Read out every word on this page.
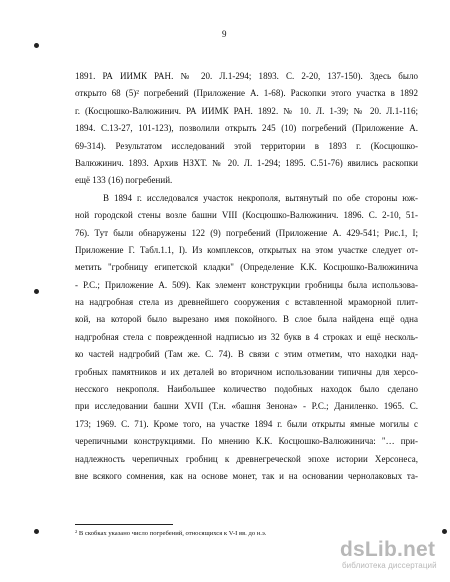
9
1891. РА ИИМК РАН. № 20. Л.1-294; 1893. С. 2-20, 137-150). Здесь было
открыто 68 (5)² погребений (Приложение А. 1-68). Раскопки этого участка в 1892
г. (Косцюшко-Валюжинич. РА ИИМК РАН. 1892. № 10. Л. 1-39; № 20. Л.1-116;
1894. С.13-27, 101-123), позволили открыть 245 (10) погребений (Приложение А.
69-314). Результатом исследований этой территории в 1893 г. (Косцюшко-
Валюжинич. 1893. Архив НЗХТ. № 20. Л. 1-294; 1895. С.51-76) явились раскопки
ещё 133 (16) погребений.
В 1894 г. исследовался участок некрополя, вытянутый по обе стороны юж-
ной городской стены возле башни VIII (Косцюшко-Валюжинич. 1896. С. 2-10, 51-
76). Тут были обнаружены 122 (9) погребений (Приложение А. 429-541; Рис.1, I;
Приложение Г. Табл.1.1, I). Из комплексов, открытых на этом участке следует от-
метить "гробницу египетской кладки" (Определение К.К. Косцюшко-Валюжинича
- Р.С.; Приложение А. 509). Как элемент конструкции гробницы была использова-
на надгробная стела из древнейшего сооружения с вставленной мраморной плит-
кой, на которой было вырезано имя покойного. В слое была найдена ещё одна
надгробная стела с поврежденной надписью из 32 букв в 4 строках и ещё несколь-
ко частей надгробий (Там же. С. 74). В связи с этим отметим, что находки над-
гробных памятников и их деталей во вторичном использовании типичны для херсо-
несского некрополя. Наибольшее количество подобных находок было сделано
при исследовании башни XVII (Т.н. «башня Зенона» - Р.С.; Даниленко. 1965. С.
173; 1969. С. 71). Кроме того, на участке 1894 г. были открыты ямные могилы с
черепичными конструкциями. По мнению К.К. Косцюшко-Валюжинича: "… при-
надлежность черепичных гробниц к древнегреческой эпохе истории Херсонеса,
вне всякого сомнения, как на основе монет, так и на основании чернолаковых та-
$^2$ В скобках указано число погребений, относящихся к V-I вв. до н.э.
dsLib.net
библиотека диссертаций
